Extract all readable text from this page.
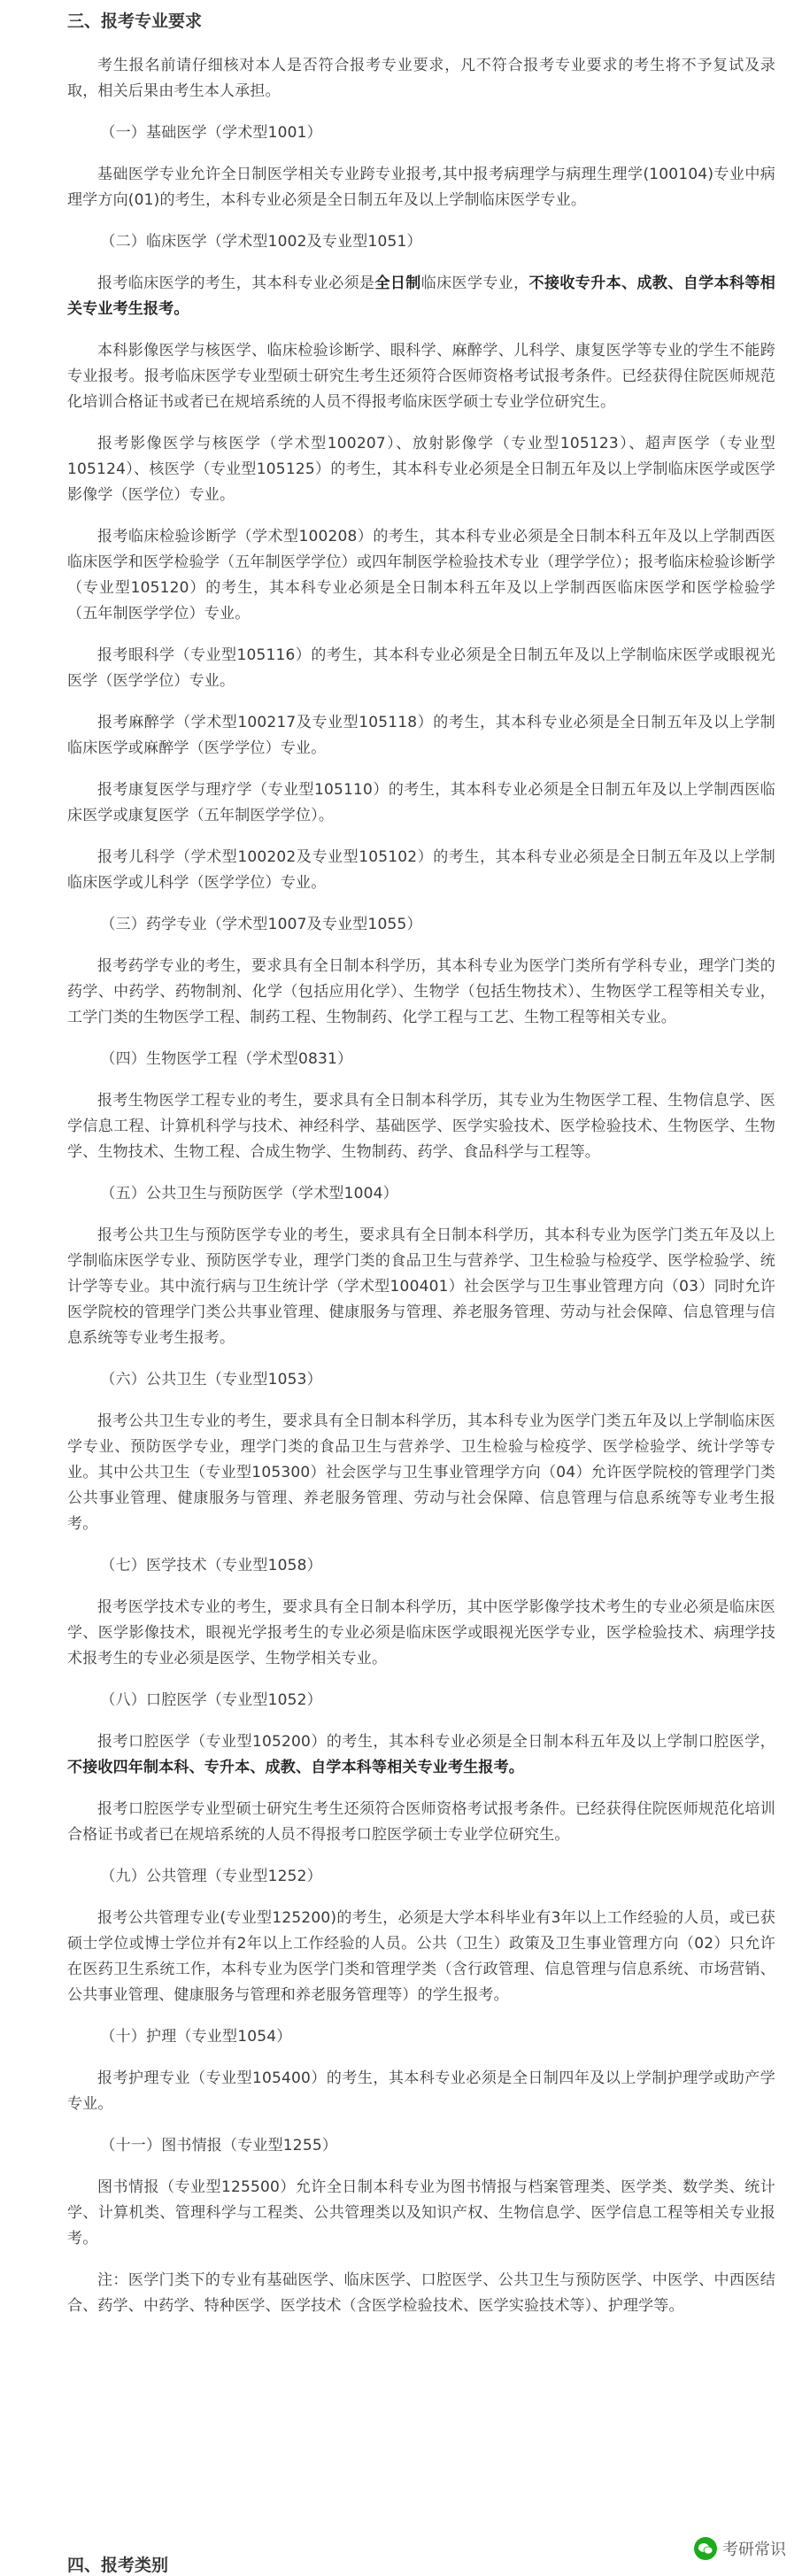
三、报考专业要求

考生报名前请仔细核对本人是否符合报考专业要求，凡不符合报考专业要求的考生将不予复试及录取，相关后果由考生本人承担。

（一）基础医学（学术型1001）

基础医学专业允许全日制医学相关专业跨专业报考,其中报考病理学与病理生理学(100104)专业中病理学方向(01)的考生，本科专业必须是全日制五年及以上学制临床医学专业。

（二）临床医学（学术型1002及专业型1051）

报考临床医学的考生，其本科专业必须是全日制临床医学专业，不接收专升本、成教、自学本科等相关专业考生报考。

本科影像医学与核医学、临床检验诊断学、眼科学、麻醉学、儿科学、康复医学等专业的学生不能跨专业报考。报考临床医学专业型硕士研究生考生还须符合医师资格考试报考条件。已经获得住院医师规范化培训合格证书或者已在规培系统的人员不得报考临床医学硕士专业学位研究生。

报考影像医学与核医学（学术型100207）、放射影像学（专业型105123）、超声医学（专业型105124）、核医学（专业型105125）的考生，其本科专业必须是全日制五年及以上学制临床医学或医学影像学（医学位）专业。

报考临床检验诊断学（学术型100208）的考生，其本科专业必须是全日制本科五年及以上学制西医临床医学和医学检验学（五年制医学学位）或四年制医学检验技术专业（理学学位）；报考临床检验诊断学（专业型105120）的考生，其本科专业必须是全日制本科五年及以上学制西医临床医学和医学检验学（五年制医学学位）专业。

报考眼科学（专业型105116）的考生，其本科专业必须是全日制五年及以上学制临床医学或眼视光医学（医学学位）专业。

报考麻醉学（学术型100217及专业型105118）的考生，其本科专业必须是全日制五年及以上学制临床医学或麻醉学（医学学位）专业。

报考康复医学与理疗学（专业型105110）的考生，其本科专业必须是全日制五年及以上学制西医临床医学或康复医学（五年制医学学位）。

报考儿科学（学术型100202及专业型105102）的考生，其本科专业必须是全日制五年及以上学制临床医学或儿科学（医学学位）专业。

（三）药学专业（学术型1007及专业型1055）

报考药学专业的考生，要求具有全日制本科学历，其本科专业为医学门类所有学科专业，理学门类的药学、中药学、药物制剂、化学（包括应用化学）、生物学（包括生物技术）、生物医学工程等相关专业，工学门类的生物医学工程、制药工程、生物制药、化学工程与工艺、生物工程等相关专业。

（四）生物医学工程（学术型0831）

报考生物医学工程专业的考生，要求具有全日制本科学历，其专业为生物医学工程、生物信息学、医学信息工程、计算机科学与技术、神经科学、基础医学、医学实验技术、医学检验技术、生物医学、生物学、生物技术、生物工程、合成生物学、生物制药、药学、食品科学与工程等。

（五）公共卫生与预防医学（学术型1004）

报考公共卫生与预防医学专业的考生，要求具有全日制本科学历，其本科专业为医学门类五年及以上学制临床医学专业、预防医学专业，理学门类的食品卫生与营养学、卫生检验与检疫学、医学检验学、统计学等专业。其中流行病与卫生统计学（学术型100401）社会医学与卫生事业管理方向（03）同时允许医学院校的管理学门类公共事业管理、健康服务与管理、养老服务管理、劳动与社会保障、信息管理与信息系统等专业考生报考。

（六）公共卫生（专业型1053）

报考公共卫生专业的考生，要求具有全日制本科学历，其本科专业为医学门类五年及以上学制临床医学专业、预防医学专业，理学门类的食品卫生与营养学、卫生检验与检疫学、医学检验学、统计学等专业。其中公共卫生（专业型105300）社会医学与卫生事业管理学方向（04）允许医学院校的管理学门类公共事业管理、健康服务与管理、养老服务管理、劳动与社会保障、信息管理与信息系统等专业考生报考。

（七）医学技术（专业型1058）

报考医学技术专业的考生，要求具有全日制本科学历，其中医学影像学技术考生的专业必须是临床医学、医学影像技术，眼视光学报考生的专业必须是临床医学或眼视光医学专业，医学检验技术、病理学技术报考生的专业必须是医学、生物学相关专业。

（八）口腔医学（专业型1052）

报考口腔医学（专业型105200）的考生，其本科专业必须是全日制本科五年及以上学制口腔医学，不接收四年制本科、专升本、成教、自学本科等相关专业考生报考。

报考口腔医学专业型硕士研究生考生还须符合医师资格考试报考条件。已经获得住院医师规范化培训合格证书或者已在规培系统的人员不得报考口腔医学硕士专业学位研究生。

（九）公共管理（专业型1252）

报考公共管理专业(专业型125200)的考生，必须是大学本科毕业有3年以上工作经验的人员，或已获硕士学位或博士学位并有2年以上工作经验的人员。公共（卫生）政策及卫生事业管理方向（02）只允许在医药卫生系统工作，本科专业为医学门类和管理学类（含行政管理、信息管理与信息系统、市场营销、公共事业管理、健康服务与管理和养老服务管理等）的学生报考。

（十）护理（专业型1054）

报考护理专业（专业型105400）的考生，其本科专业必须是全日制四年及以上学制护理学或助产学专业。

（十一）图书情报（专业型1255）

图书情报（专业型125500）允许全日制本科专业为图书情报与档案管理类、医学类、数学类、统计学、计算机类、管理科学与工程类、公共管理类以及知识产权、生物信息学、医学信息工程等相关专业报考。

注：医学门类下的专业有基础医学、临床医学、口腔医学、公共卫生与预防医学、中医学、中西医结合、药学、中药学、特种医学、医学技术（含医学检验技术、医学实验技术等）、护理学等。

四、报考类别
考研常识
